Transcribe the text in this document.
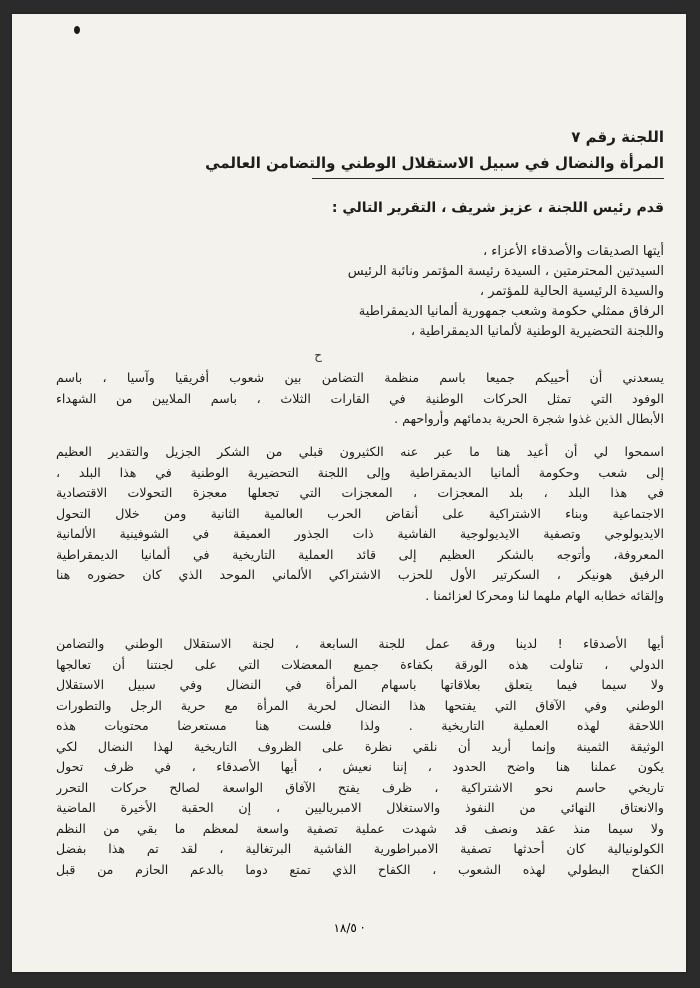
اللجنة رقم ٧
المرأة والنضال في سبيل الاستقلال الوطني والتضامن العالمي
قدم رئيس اللجنة ، عزيز شريف ، التقرير التالي :
أيتها الصديقات والأصدقاء الأعزاء ،
السيدتين المحترمتين ، السيدة رئيسة المؤتمر ونائبة الرئيس
والسيدة الرئيسية الحالية للمؤتمر ،
الرفاق ممثلي حكومة وشعب جمهورية ألمانيا الديمقراطية
واللجنة التحضيرية الوطنية لألمانيا الديمقراطية ،
ح

يسعدني أن أحييكم جميعا باسم منظمة التضامن بين شعوب أفريقيا وآسيا ، باسم
الوفود التي تمثل الحركات الوطنية في القارات الثلاث ، باسم الملايين من الشهداء
الأبطال الذين غذوا شجرة الحرية بدمائهم وأرواحهم .

اسمحوا لي أن أعيد هنا ما عبر عنه الكثيرون قبلي من الشكر الجزيل والتقدير العظيم
إلى شعب وحكومة ألمانيا الديمقراطية وإلى اللجنة التحضيرية الوطنية في هذا البلد ،
في هذا البلد ، بلد المعجزات ، المعجزات التي تجعلها معجزة التحولات الاقتصادية
الاجتماعية وبناء الاشتراكية على أنقاض الحرب العالمية الثانية ومن خلال التحول
الايديولوجي وتصفية الايديولوجية الفاشية ذات الجذور العميقة في الشوفينية الألمانية
المعروفة، وأتوجه بالشكر العظيم إلى قائد العملية التاريخية في ألمانيا الديمقراطية
الرفيق هونيكر ، السكرتير الأول للحزب الاشتراكي الألماني الموحد الذي كان حضوره هنا
وإلقائه خطابه الهام ملهما لنا ومحركا لعزائمنا .

أيها الأصدقاء ! لدينا ورقة عمل للجنة السابعة ، لجنة الاستقلال الوطني والتضامن
الدولي ، تناولت هذه الورقة بكفاءة جميع المعضلات التي على لجنتنا أن تعالجها
ولا سيما فيما يتعلق بعلاقاتها باسهام المرأة في النضال وفي سبيل الاستقلال
الوطني وفي الآفاق التي يفتحها هذا النضال لحرية المرأة مع حرية الرجل والتطورات
اللاحقة لهذه العملية التاريخية . ولذا فلست هنا مستعرضا محتويات هذه
الوثيقة الثمينة وإنما أريد أن نلقي نظرة على الظروف التاريخية لهذا النضال لكي
يكون عملنا هنا واضح الحدود ، إننا نعيش ، أيها الأصدقاء ، في ظرف تحول
تاريخي حاسم نحو الاشتراكية ، ظرف يفتح الآفاق الواسعة لصالح حركات التحرر
والانعتاق النهائي من النفوذ والاستغلال الامبرياليين ، إن الحقبة الأخيرة الماضية
ولا سيما منذ عقد ونصف قد شهدت عملية تصفية واسعة لمعظم ما بقي من النظم
الكولونيالية كان أحدثها تصفية الامبراطورية الفاشية البرتغالية ، لقد تم هذا بفضل
الكفاح البطولي لهذه الشعوب ، الكفاح الذي تمتع دوما بالدعم الحازم من قبل

١٨/٥ ·
